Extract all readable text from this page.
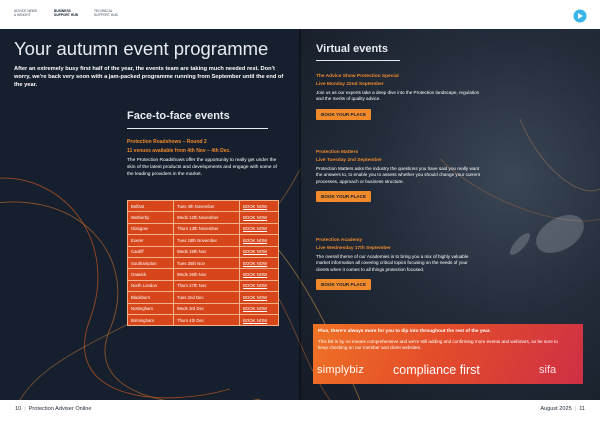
ADVICE NEWS & INSIGHT
BUSINESS SUPPORT HUB
TECHNICAL SUPPORT HUB
Your autumn event programme

After an extremely busy first half of the year, the events team are taking much needed rest. Don't worry, we're back very soon with a jam-packed programme running from September until the end of the year.

Face-to-face events
Protection Roadshows – Round 2
11 venues available from 4th Nov – 4th Dec.

The Protection Roadshows offer the opportunity to really get under the skin of the latest products and developments and engage with some of the leading providers in the market.

Belfast	Tues 4th November	BOOK NOW
Wetherby	Weds 12th November	BOOK NOW
Glasgow	Thurs 13th November	BOOK NOW
Exeter	Tues 18th November	BOOK NOW
Cardiff	Weds 19th Nov	BOOK NOW
Southampton	Tues 25th Nov	BOOK NOW
Gatwick	Weds 26th Nov	BOOK NOW
North London	Thurs 27th Nov	BOOK NOW
Blackburn	Tues 2nd Dec	BOOK NOW
Nottingham	Weds 3rd Dec	BOOK NOW
Birmingham	Thurs 4th Dec	BOOK NOW
Virtual events
The Advice Show Protection Special
Live Monday 22nd September

Join us as our experts take a deep dive into the Protection landscape, regulation and the merits of quality advice.

BOOK YOUR PLACE
Protection Matters
Live Tuesday 2nd September

Protection Matters asks the industry the questions you have said you really want the answers to, to enable you to assess whether you should change your current processes, approach or business structure.

BOOK YOUR PLACE
Protection Academy
Live Wednesday 17th September

The overall theme of our Academies is to bring you a mix of highly valuable market information all covering critical topics focusing on the needs of your clients when it comes to all things protection focused.

BOOK YOUR PLACE
Plus, there's always more for you to dip into throughout the rest of the year.

This list is by no means comprehensive and we're still adding and confirming more events and webinars, so be sure to keep checking on our member and client websites.

simplybiz compliance first	sifa
10 | Protection Adviser Online	August 2025 | 11
